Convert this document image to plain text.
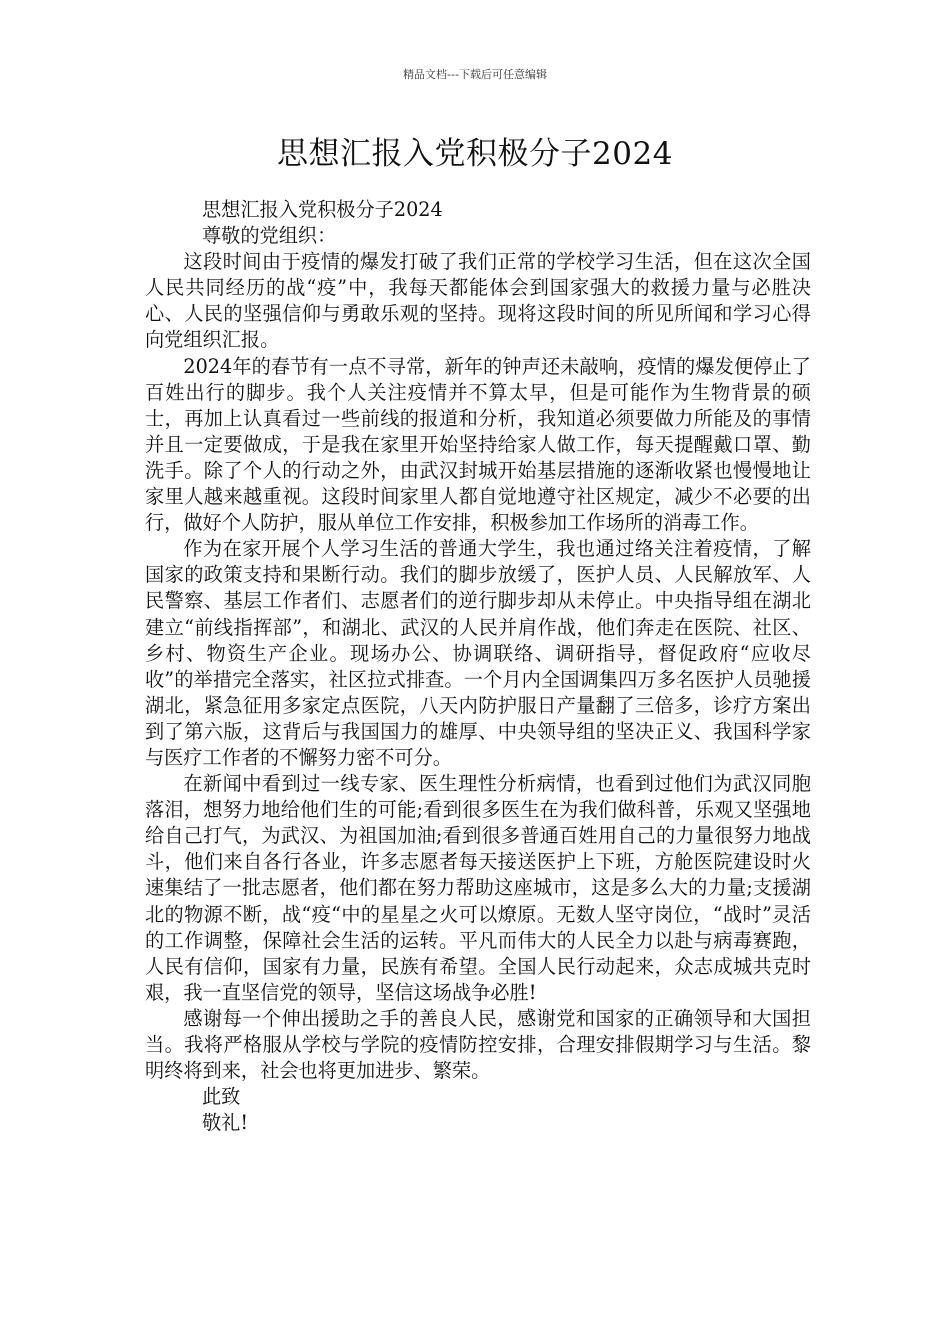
精品文档---下载后可任意编辑
思想汇报入党积极分子2024
思想汇报入党积极分子2024
尊敬的党组织：

这段时间由于疫情的爆发打破了我们正常的学校学习生活，但在这次全国人民共同经历的战“疫”中，我每天都能体会到国家强大的救援力量与必胜决心、人民的坚强信仰与勇敢乐观的坚持。现将这段时间的所见所闻和学习心得向党组织汇报。

2024年的春节有一点不寻常，新年的钟声还未敲响，疫情的爆发便停止了百姓出行的脚步。我个人关注疫情并不算太早，但是可能作为生物背景的硕士，再加上认真看过一些前线的报道和分析，我知道必须要做力所能及的事情并且一定要做成，于是我在家里开始坚持给家人做工作，每天提醒戴口罩、勤洗手。除了个人的行动之外，由武汉封城开始基层措施的逐渐收紧也慢慢地让家里人越来越重视。这段时间家里人都自觉地遵守社区规定，减少不必要的出行，做好个人防护，服从单位工作安排，积极参加工作场所的消毒工作。

作为在家开展个人学习生活的普通大学生，我也通过络关注着疫情，了解国家的政策支持和果断行动。我们的脚步放缓了，医护人员、人民解放军、人民警察、基层工作者们、志愿者们的逆行脚步却从未停止。中央指导组在湖北建立“前线指挥部”，和湖北、武汉的人民并肩作战，他们奔走在医院、社区、乡村、物资生产企业。现场办公、协调联络、调研指导，督促政府“应收尽收”的举措完全落实，社区拉式排查。一个月内全国调集四万多名医护人员驰援湖北，紧急征用多家定点医院，八天内防护服日产量翻了三倍多，诊疗方案出到了第六版，这背后与我国国力的雄厚、中央领导组的坚决正义、我国科学家与医疗工作者的不懈努力密不可分。

在新闻中看到过一线专家、医生理性分析病情，也看到过他们为武汉同胞落泪，想努力地给他们生的可能;看到很多医生在为我们做科普，乐观又坚强地给自己打气，为武汉、为祖国加油;看到很多普通百姓用自己的力量很努力地战斗，他们来自各行各业，许多志愿者每天接送医护上下班，方舱医院建设时火速集结了一批志愿者，他们都在努力帮助这座城市，这是多么大的力量;支援湖北的物源不断，战“疫“中的星星之火可以燎原。无数人坚守岗位，“战时”灵活的工作调整，保障社会生活的运转。平凡而伟大的人民全力以赴与病毒赛跑，人民有信仰，国家有力量，民族有希望。全国人民行动起来，众志成城共克时艰，我一直坚信党的领导，坚信这场战争必胜!

感谢每一个伸出援助之手的善良人民，感谢党和国家的正确领导和大国担当。我将严格服从学校与学院的疫情防控安排，合理安排假期学习与生活。黎明终将到来，社会也将更加进步、繁荣。

此致
敬礼!
